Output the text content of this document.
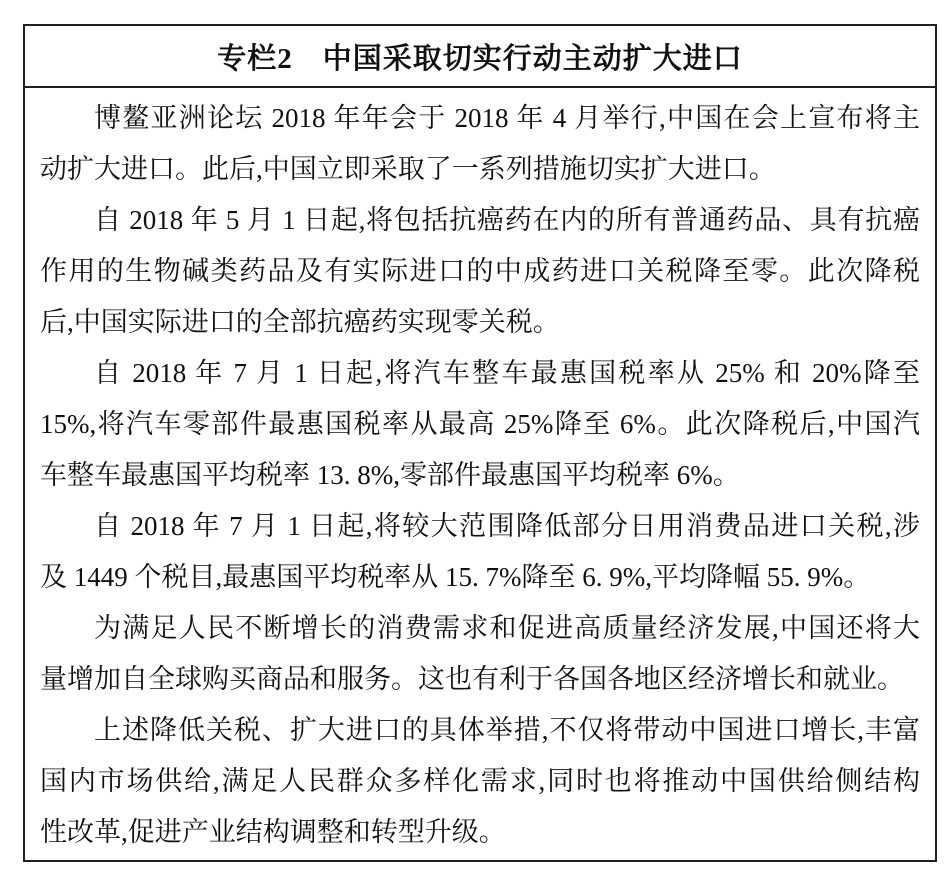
专栏2　中国采取切实行动主动扩大进口
博鳌亚洲论坛 2018 年年会于 2018 年 4 月举行,中国在会上宣布将主
动扩大进口。此后,中国立即采取了一系列措施切实扩大进口。
自 2018 年 5 月 1 日起,将包括抗癌药在内的所有普通药品、具有抗癌
作用的生物碱类药品及有实际进口的中成药进口关税降至零。此次降税
后,中国实际进口的全部抗癌药实现零关税。
自 2018 年 7 月 1 日起,将汽车整车最惠国税率从 25% 和 20%降至
15%,将汽车零部件最惠国税率从最高 25%降至 6%。此次降税后,中国汽
车整车最惠国平均税率 13. 8%,零部件最惠国平均税率 6%。
自 2018 年 7 月 1 日起,将较大范围降低部分日用消费品进口关税,涉
及 1449 个税目,最惠国平均税率从 15. 7%降至 6. 9%,平均降幅 55. 9%。
为满足人民不断增长的消费需求和促进高质量经济发展,中国还将大
量增加自全球购买商品和服务。这也有利于各国各地区经济增长和就业。
上述降低关税、扩大进口的具体举措,不仅将带动中国进口增长,丰富
国内市场供给,满足人民群众多样化需求,同时也将推动中国供给侧结构
性改革,促进产业结构调整和转型升级。
